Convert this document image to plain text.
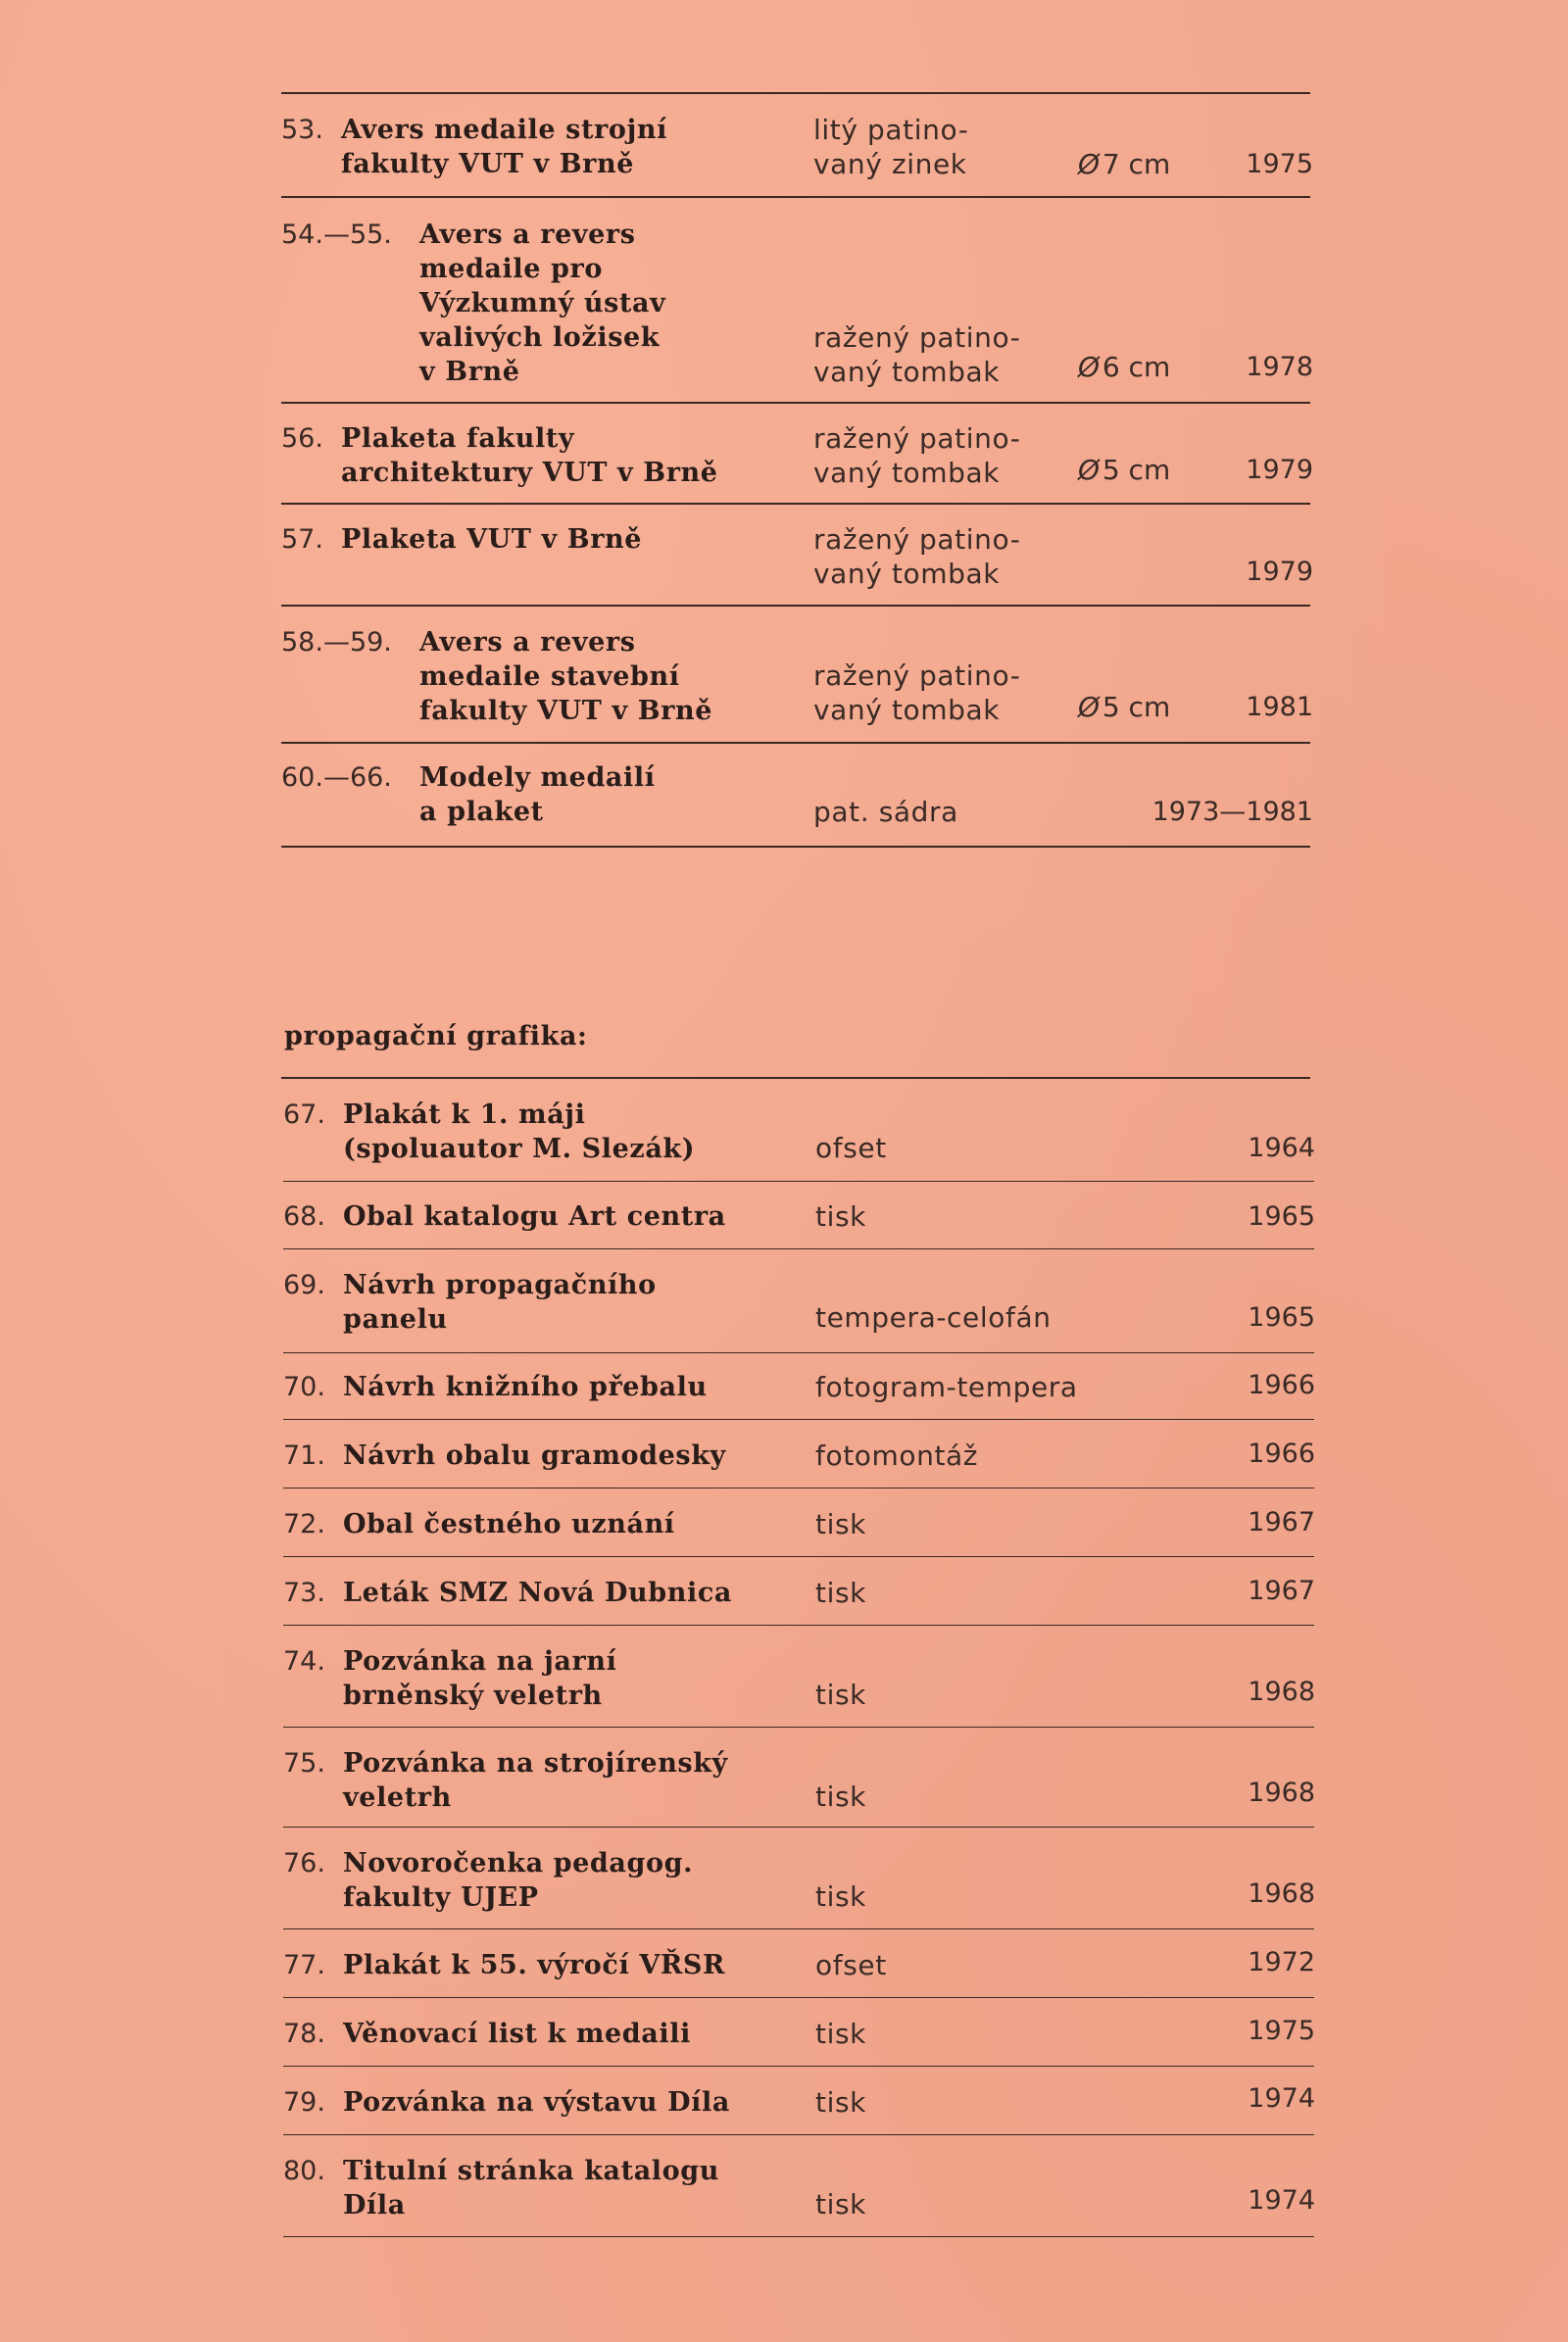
53. Avers medaile strojní
fakulty VUT v Brně
litý patino-
vaný zinek	Ø 7 cm	1975
54.—55. Avers a revers
medaile pro
Výzkumný ústav
valivých ložisek
v Brně
ražený patino-
vaný tombak	Ø 6 cm	1978
56. Plaketa fakulty
architektury VUT v Brně
ražený patino-
vaný tombak	Ø 5 cm	1979
57. Plaketa VUT v Brně	ražený patino-
vaný tombak	1979
58.—59. Avers a revers
medaile stavební
fakulty VUT v Brně
ražený patino-
vaný tombak	Ø 5 cm	1981
60.—66. Modely medailí
a plaket	pat. sádra	1973—1981
propagační grafika:
67. Plakát k 1. máji
(spoluautor M. Slezák)	ofset	1964
68. Obal katalogu Art centra	tisk	1965
69. Návrh propagačního
panelu	tempera-celofán	1965
70. Návrh knižního přebalu	fotogram-tempera	1966
71. Návrh obalu gramodesky	fotomontáž	1966
72. Obal čestného uznání	tisk	1967
73. Leták SMZ Nová Dubnica	tisk	1967
74. Pozvánka na jarní
brněnský veletrh	tisk	1968
75. Pozvánka na strojírenský
veletrh	tisk	1968
76. Novoročenka pedagog.
fakulty UJEP	tisk	1968
77. Plakát k 55. výročí VŘSR	ofset	1972
78. Věnovací list k medaili	tisk	1975
79. Pozvánka na výstavu Díla	tisk	1974
80. Titulní stránka katalogu
Díla	tisk	1974
